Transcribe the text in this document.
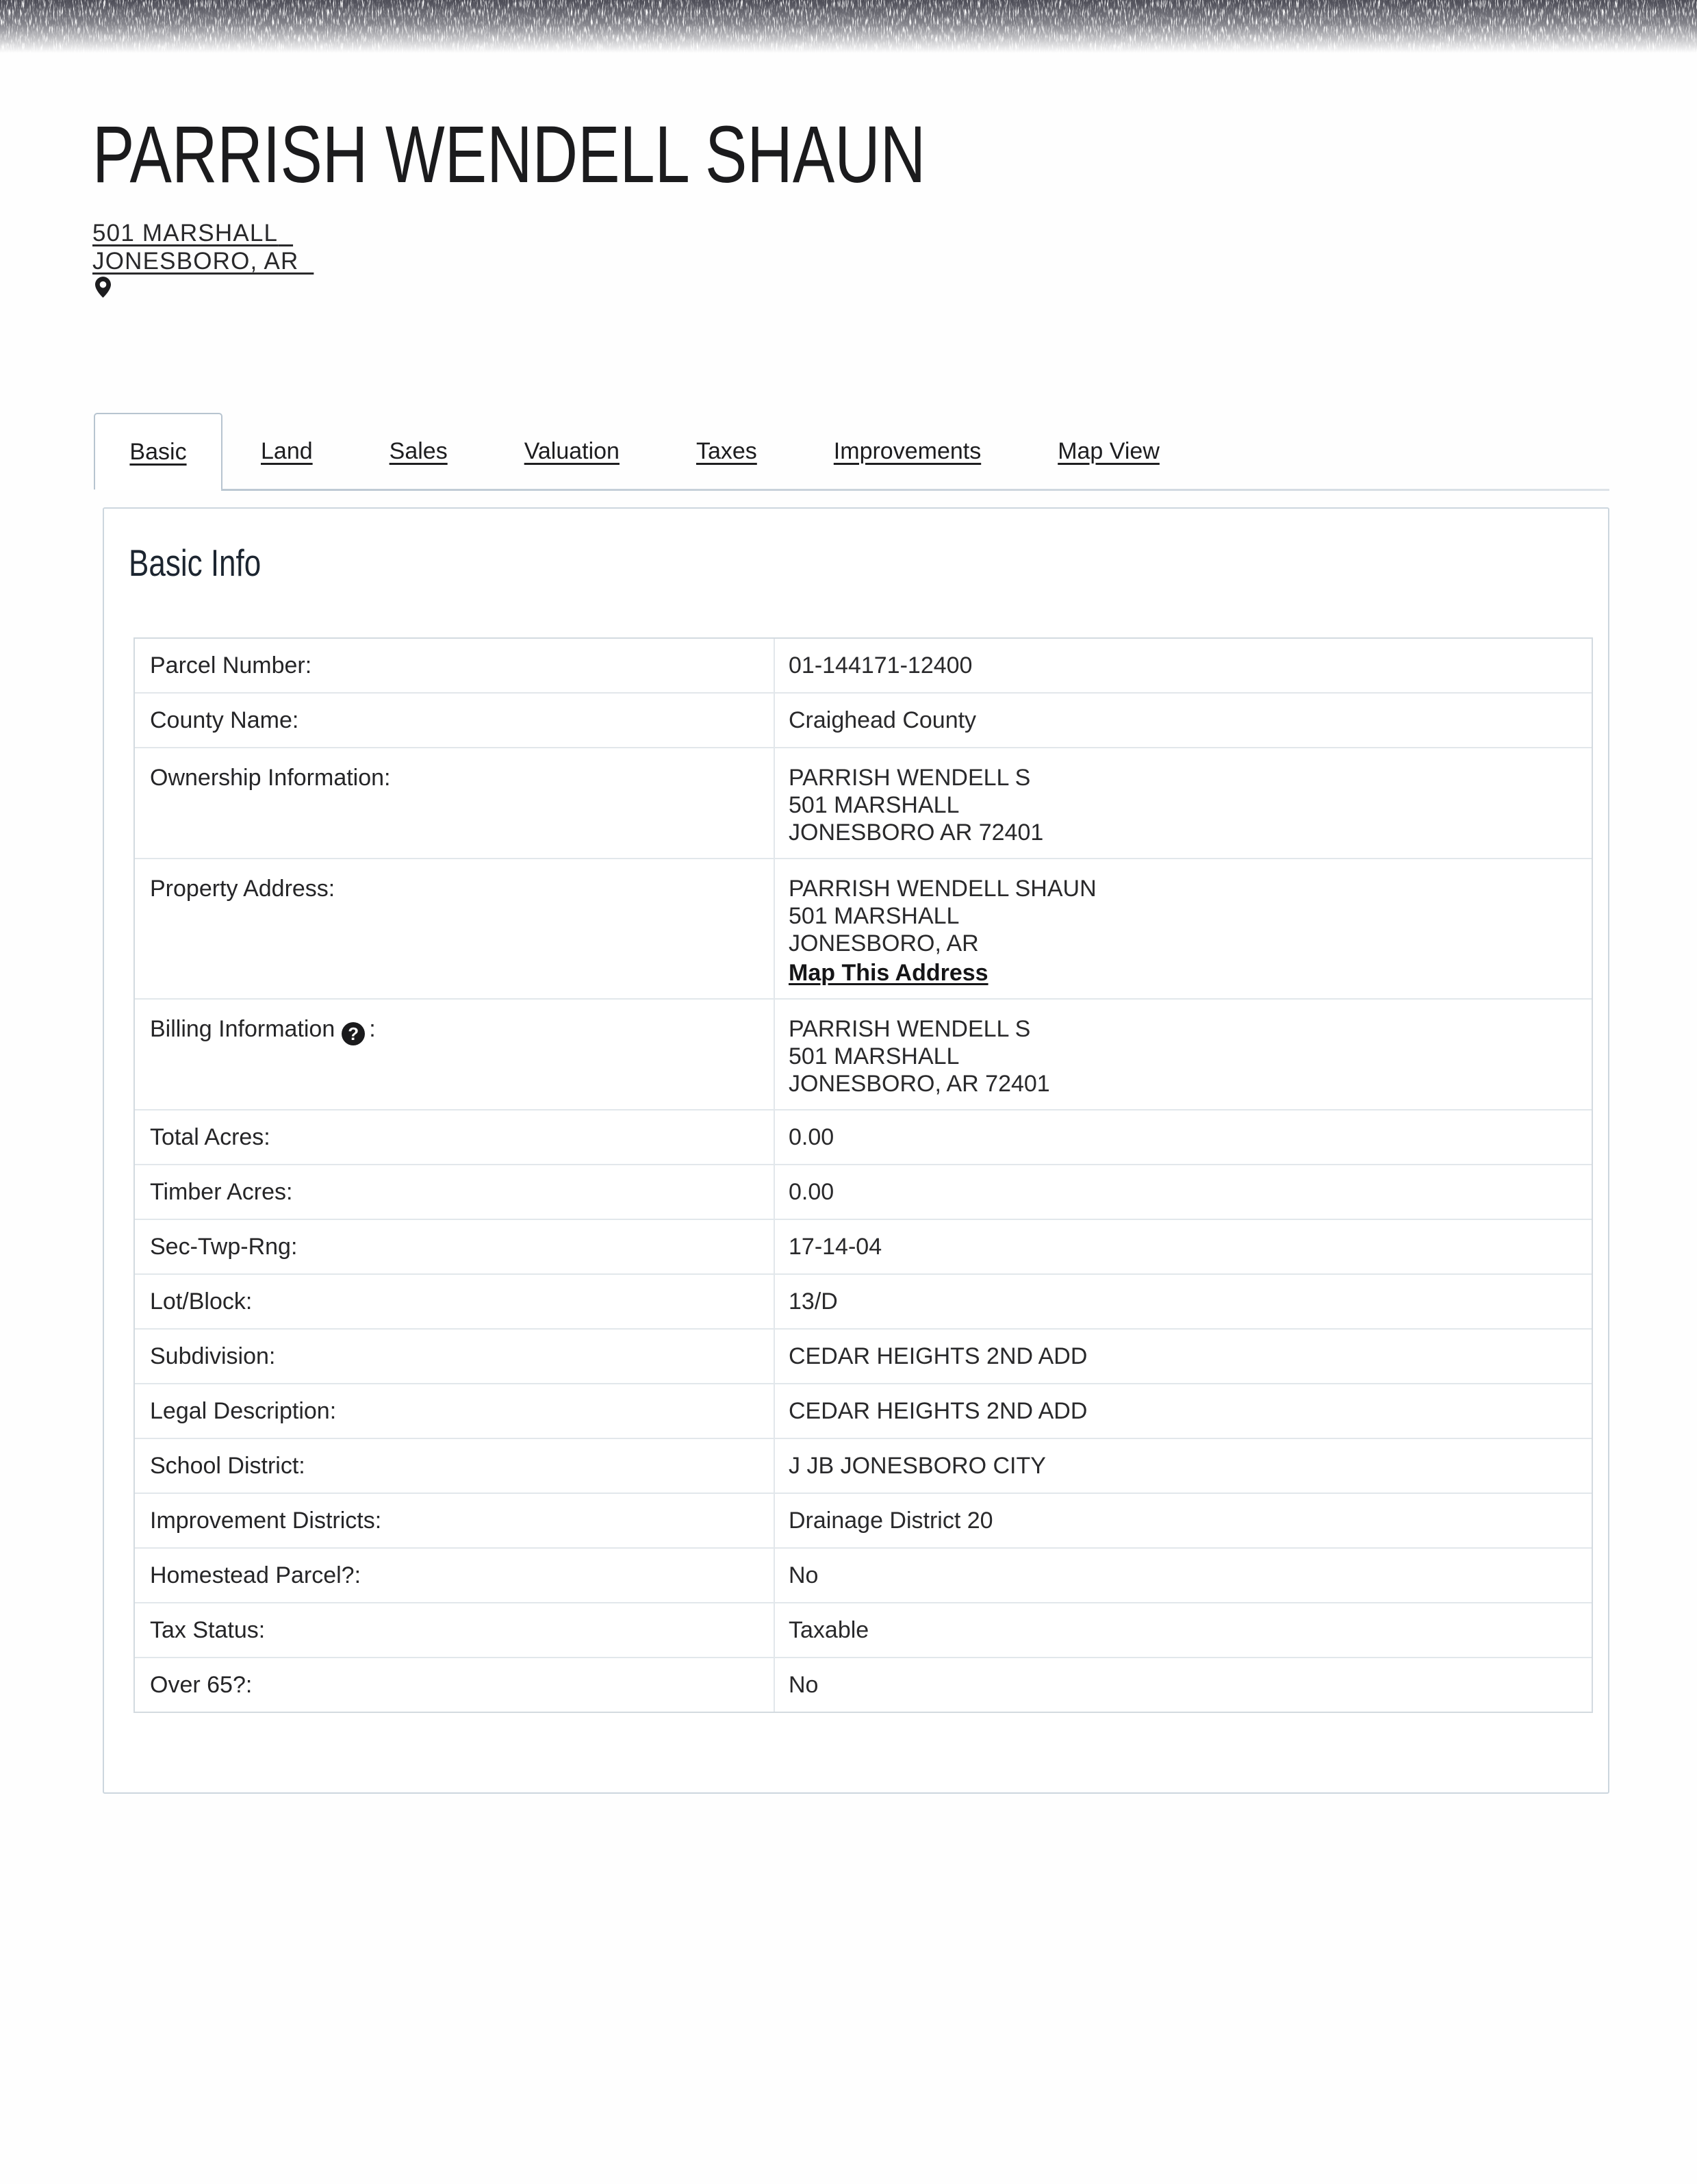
PARRISH WENDELL SHAUN
501 MARSHALL
JONESBORO, AR
Basic	Land	Sales	Valuation	Taxes	Improvements	Map View
Basic Info
Parcel Number:	01-144171-12400
County Name:	Craighead County
Ownership Information:	PARRISH WENDELL S
501 MARSHALL
JONESBORO AR 72401
Property Address:	PARRISH WENDELL SHAUN
501 MARSHALL
JONESBORO, AR
Map This Address
Billing Information ? :	PARRISH WENDELL S
501 MARSHALL
JONESBORO, AR 72401
Total Acres:	0.00
Timber Acres:	0.00
Sec-Twp-Rng:	17-14-04
Lot/Block:	13/D
Subdivision:	CEDAR HEIGHTS 2ND ADD
Legal Description:	CEDAR HEIGHTS 2ND ADD
School District:	J JB JONESBORO CITY
Improvement Districts:	Drainage District 20
Homestead Parcel?:	No
Tax Status:	Taxable
Over 65?:	No
